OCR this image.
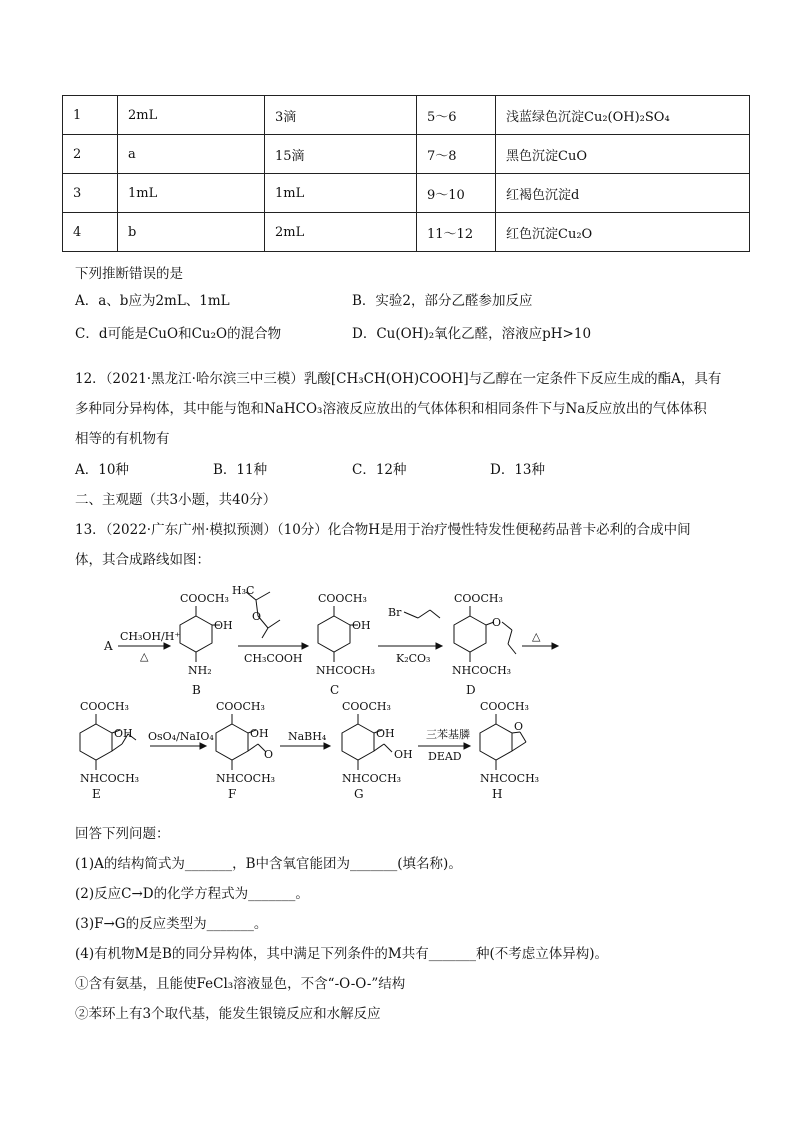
1	2mL	3滴	5～6	浅蓝绿色沉淀Cu₂(OH)₂SO₄
2	a	15滴	7～8	黑色沉淀CuO
3	1mL	1mL	9～10	红褐色沉淀d
4	b	2mL	11～12	红色沉淀Cu₂O
下列推断错误的是
A．a、b应为2mL、1mL	B．实验2，部分乙醛参加反应
C．d可能是CuO和Cu₂O的混合物	D．Cu(OH)₂氧化乙醛，溶液应pH>10
12．（2021·黑龙江·哈尔滨三中三模）乳酸[CH₃CH(OH)COOH]与乙醇在一定条件下反应生成的酯A，具有
多种同分异构体，其中能与饱和NaHCO₃溶液反应放出的气体体积和相同条件下与Na反应放出的气体体积
相等的有机物有
A．10种	B．11种	C．12种	D．13种
二、主观题（共3小题，共40分）
13．（2022·广东广州·模拟预测）（10分）化合物H是用于治疗慢性特发性便秘药品普卡必利的合成中间
体，其合成路线如图：
A
CH₃OH/H⁺
△
COOCH₃
OH
NH₂
B
H₃C
O
CH₃COOH
COOCH₃
OH
NHCOCH₃
C
Br
K₂CO₃
COOCH₃
O
NHCOCH₃
D
△
COOCH₃
OH
NHCOCH₃
E
OsO₄/NaIO₄
COOCH₃
OH
O
NHCOCH₃
F
NaBH₄
COOCH₃
OH
OH
NHCOCH₃
G
三苯基膦
DEAD
COOCH₃
O
NHCOCH₃
H
回答下列问题：
(1)A的结构简式为_______，B中含氧官能团为_______(填名称)。
(2)反应C→D的化学方程式为_______。
(3)F→G的反应类型为_______。
(4)有机物M是B的同分异构体，其中满足下列条件的M共有_______种(不考虑立体异构)。
①含有氨基，且能使FeCl₃溶液显色，不含“-O-O-”结构
②苯环上有3个取代基，能发生银镜反应和水解反应
